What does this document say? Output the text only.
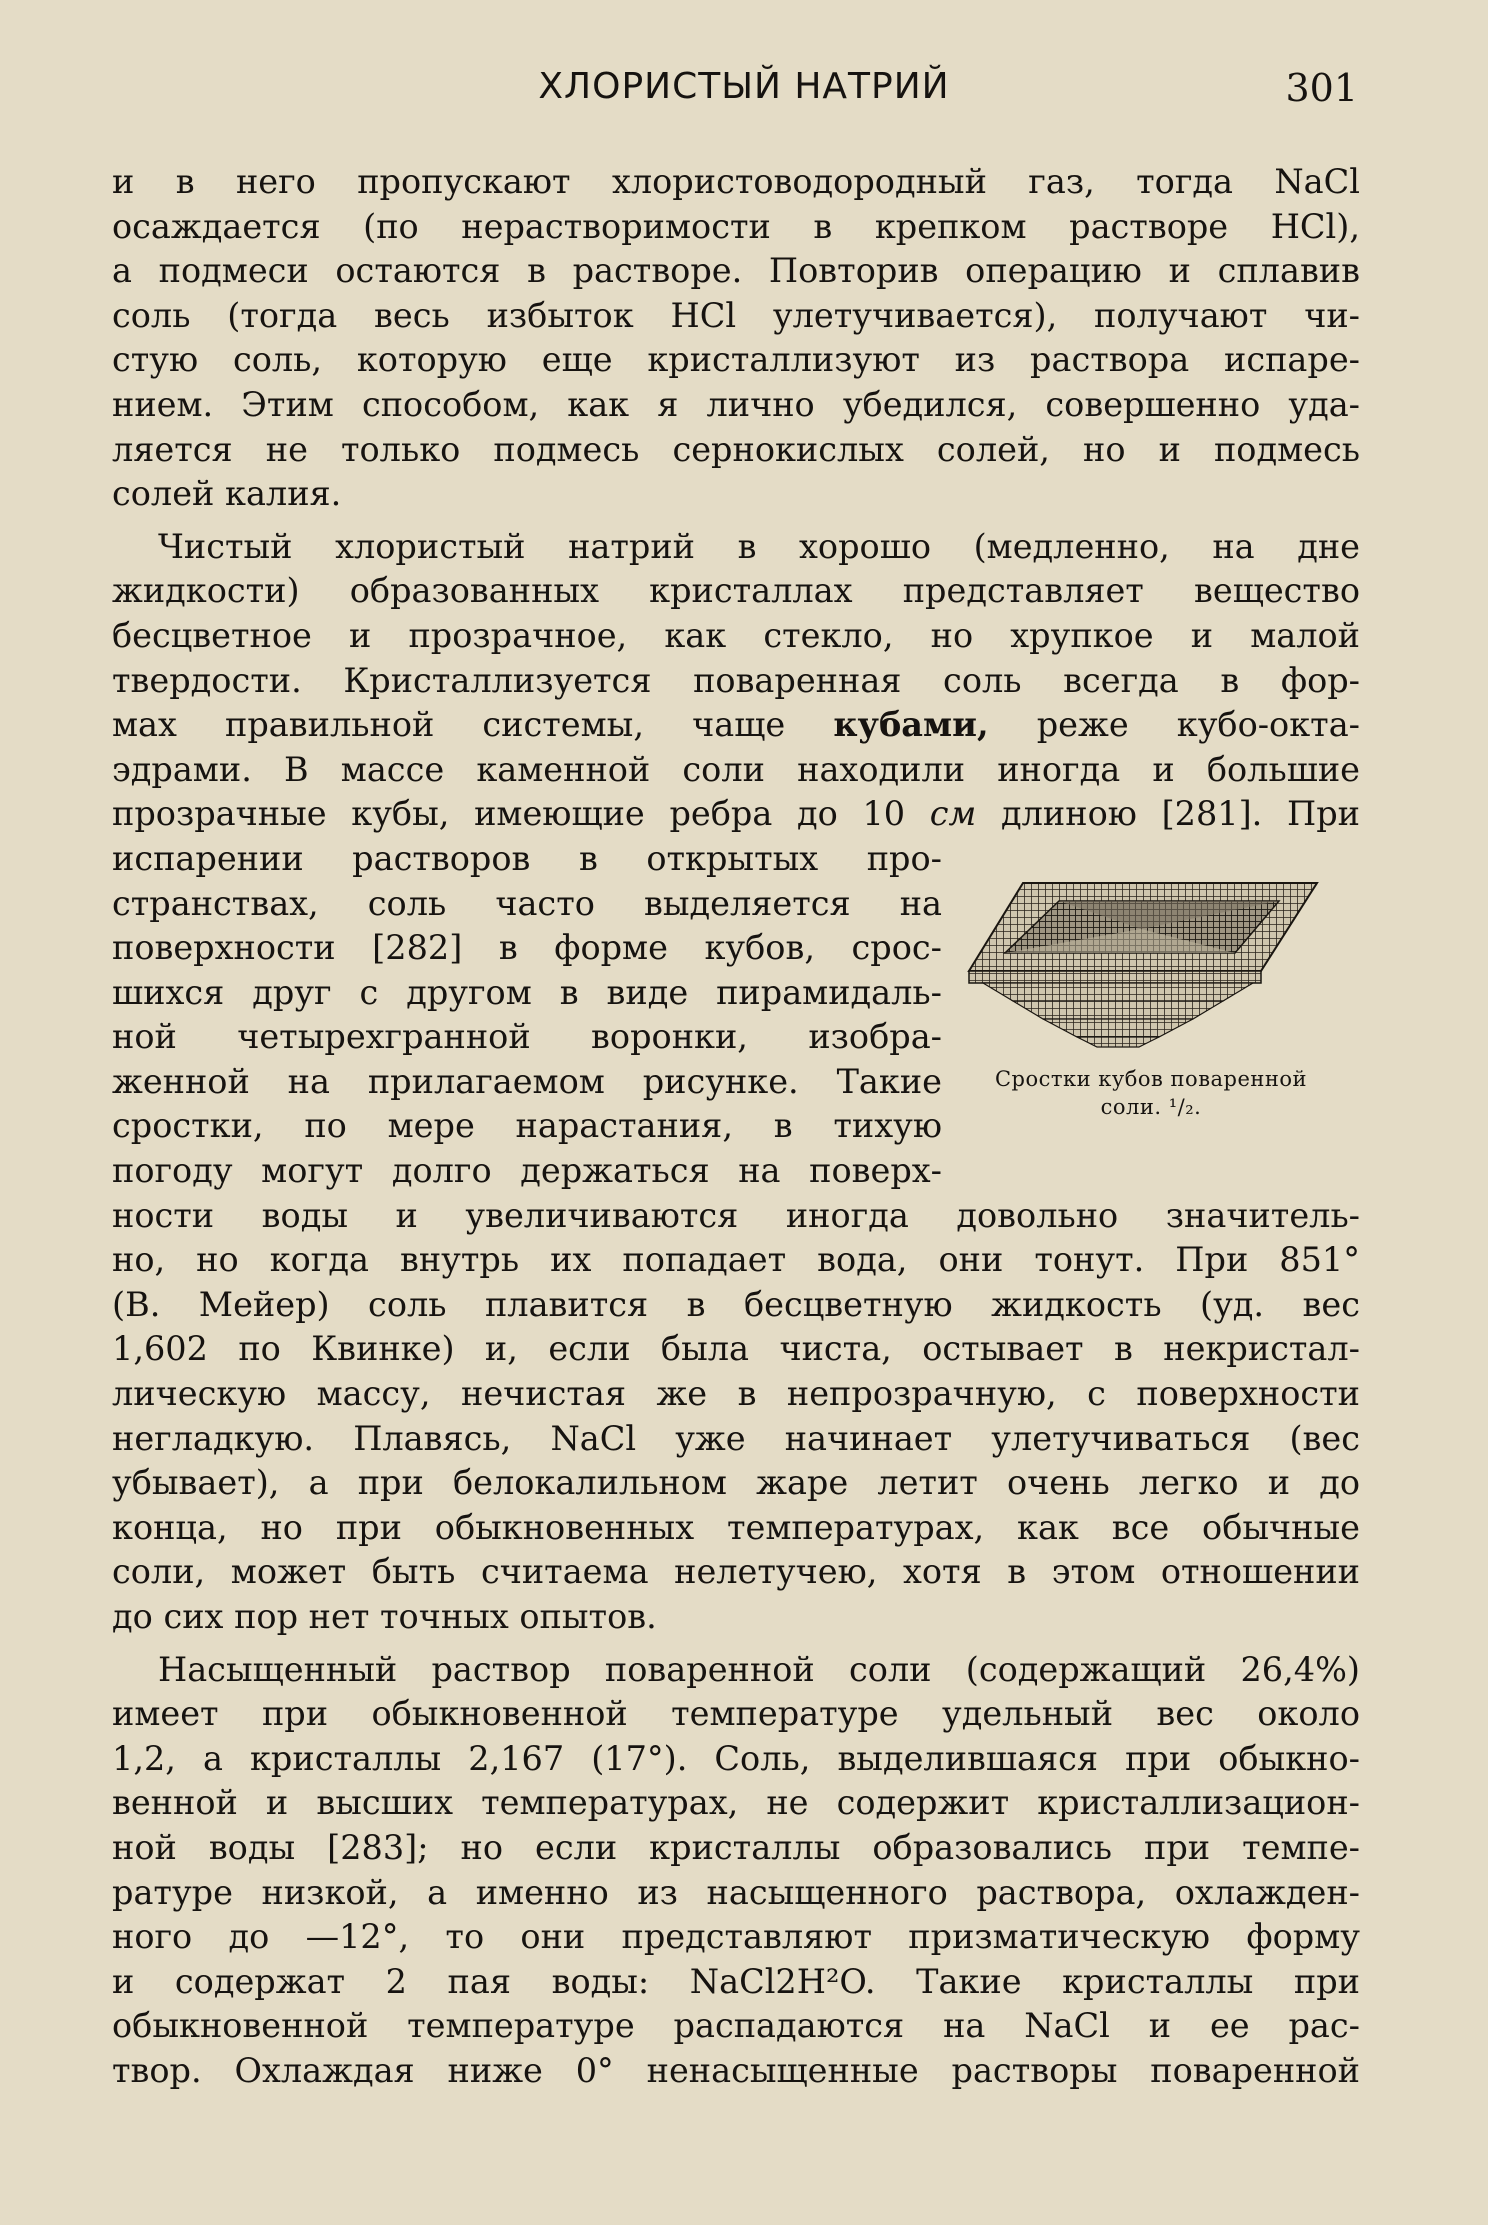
ХЛОРИСТЫЙ НАТРИЙ	301

и в него пропускают хлористоводородный газ, тогда NaCl

осаждается (по нерастворимости в крепком растворе HCl),

а подмеси остаются в растворе. Повторив операцию и сплавив

соль (тогда весь избыток HCl улетучивается), получают чи-

стую соль, которую еще кристаллизуют из раствора испаре-

нием. Этим способом, как я лично убедился, совершенно уда-

ляется не только подмесь сернокислых солей, но и подмесь

солей калия.

Чистый хлористый натрий в хорошо (медленно, на дне

жидкости) образованных кристаллах представляет вещество

бесцветное и прозрачное, как стекло, но хрупкое и малой

твердости. Кристаллизуется поваренная соль всегда в фор-

мах правильной системы, чаще кубами, реже кубо-окта-

эдрами. В массе каменной соли находили иногда и большие

прозрачные кубы, имеющие ребра до 10 см длиною [281]. При

испарении растворов в открытых про-

странствах, соль часто выделяется на

поверхности [282] в форме кубов, срос-

шихся друг с другом в виде пирамидаль-

ной четырехгранной воронки, изобра-

женной на прилагаемом рисунке. Такие

сростки, по мере нарастания, в тихую

погоду могут долго держаться на поверх-

Сростки кубов поваренной
соли. ¹/₂.

ности воды и увеличиваются иногда довольно значитель-

но, но когда внутрь их попадает вода, они тонут. При 851°

(В. Мейер) соль плавится в бесцветную жидкость (уд. вес

1,602 по Квинке) и, если была чиста, остывает в некристал-

лическую массу, нечистая же в непрозрачную, с поверхности

негладкую. Плавясь, NaCl уже начинает улетучиваться (вес

убывает), а при белокалильном жаре летит очень легко и до

конца, но при обыкновенных температурах, как все обычные

соли, может быть считаема нелетучею, хотя в этом отношении

до сих пор нет точных опытов.

Насыщенный раствор поваренной соли (содержащий 26,4%)

имеет при обыкновенной температуре удельный вес около

1,2, а кристаллы 2,167 (17°). Соль, выделившаяся при обыкно-

венной и высших температурах, не содержит кристаллизацион-

ной воды [283]; но если кристаллы образовались при темпе-

ратуре низкой, а именно из насыщенного раствора, охлажден-

ного до —12°, то они представляют призматическую форму

и содержат 2 пая воды: NaCl2H²O. Такие кристаллы при

обыкновенной температуре распадаются на NaCl и ее рас-

твор. Охлаждая ниже 0° ненасыщенные растворы поваренной
